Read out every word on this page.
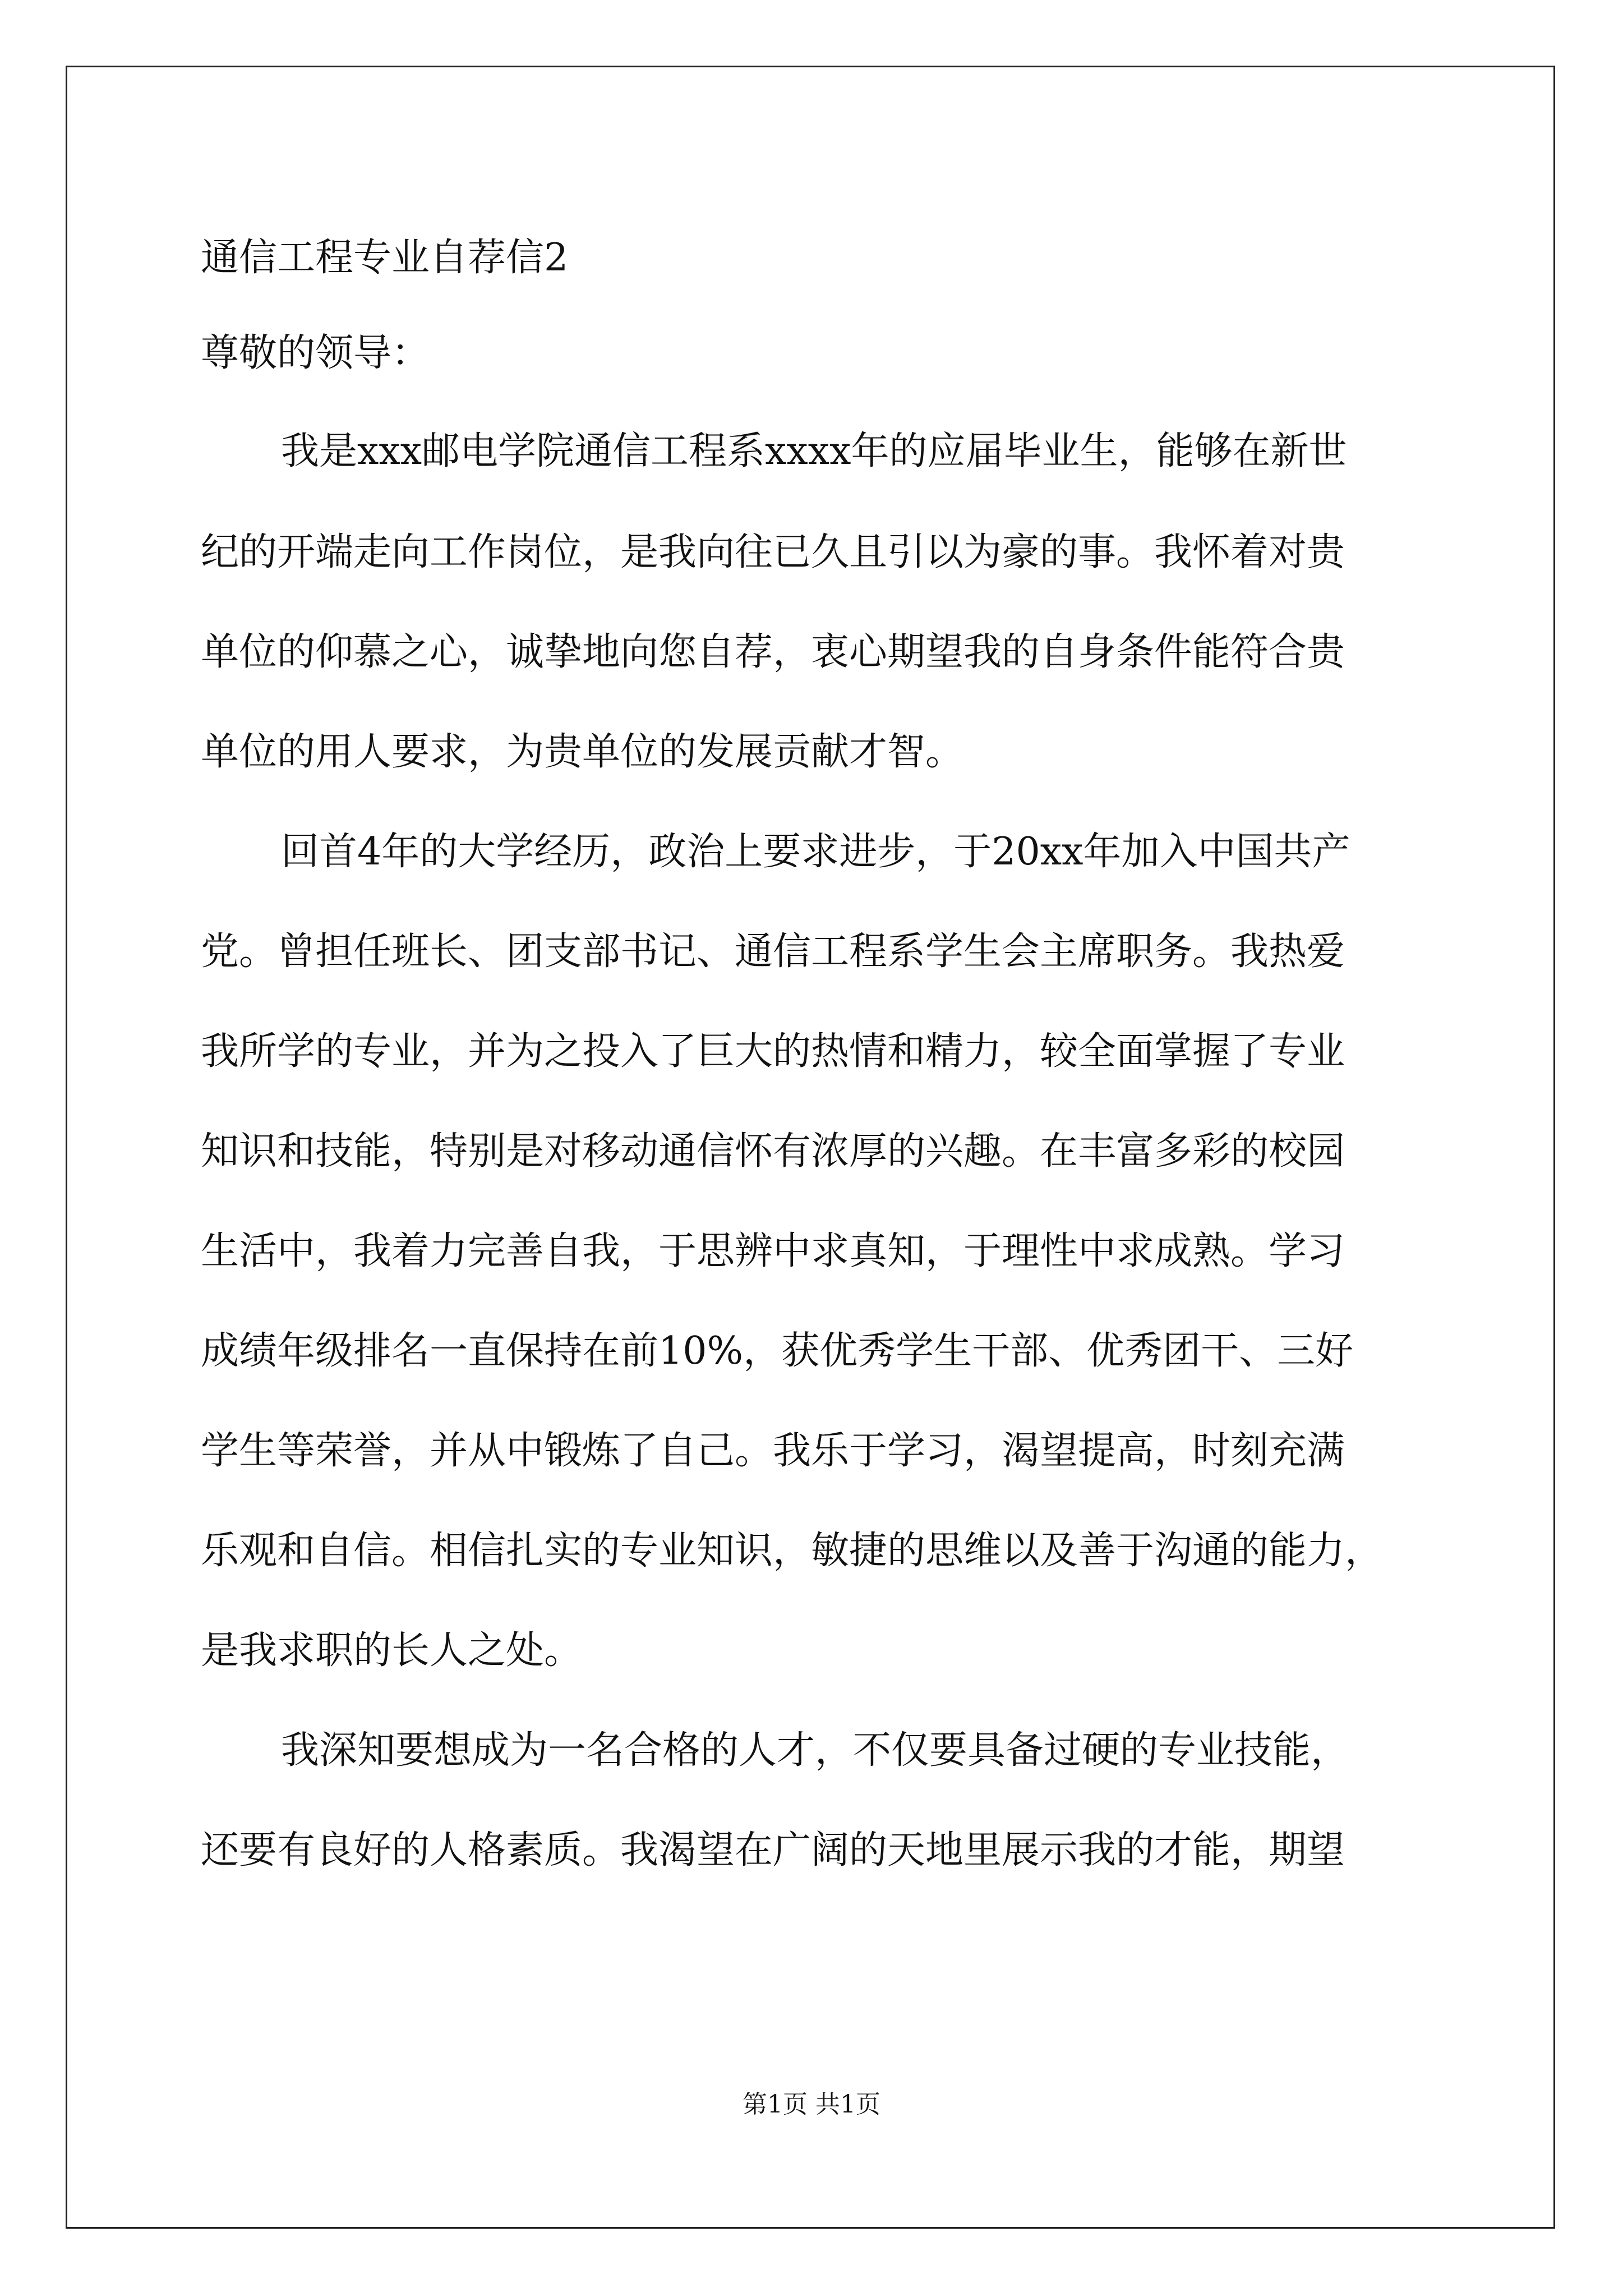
通信工程专业自荐信2
尊敬的领导：
我是xxx邮电学院通信工程系xxxx年的应届毕业生，能够在新世
纪的开端走向工作岗位，是我向往已久且引以为豪的事。我怀着对贵
单位的仰慕之心，诚挚地向您自荐，衷心期望我的自身条件能符合贵
单位的用人要求，为贵单位的发展贡献才智。
回首4年的大学经历，政治上要求进步，于20xx年加入中国共产
党。曾担任班长、团支部书记、通信工程系学生会主席职务。我热爱
我所学的专业，并为之投入了巨大的热情和精力，较全面掌握了专业
知识和技能，特别是对移动通信怀有浓厚的兴趣。在丰富多彩的校园
生活中，我着力完善自我，于思辨中求真知，于理性中求成熟。学习
成绩年级排名一直保持在前10%，获优秀学生干部、优秀团干、三好
学生等荣誉，并从中锻炼了自己。我乐于学习，渴望提高，时刻充满
乐观和自信。相信扎实的专业知识，敏捷的思维以及善于沟通的能力，
是我求职的长人之处。
我深知要想成为一名合格的人才，不仅要具备过硬的专业技能，
还要有良好的人格素质。我渴望在广阔的天地里展示我的才能，期望
第1页 共1页
